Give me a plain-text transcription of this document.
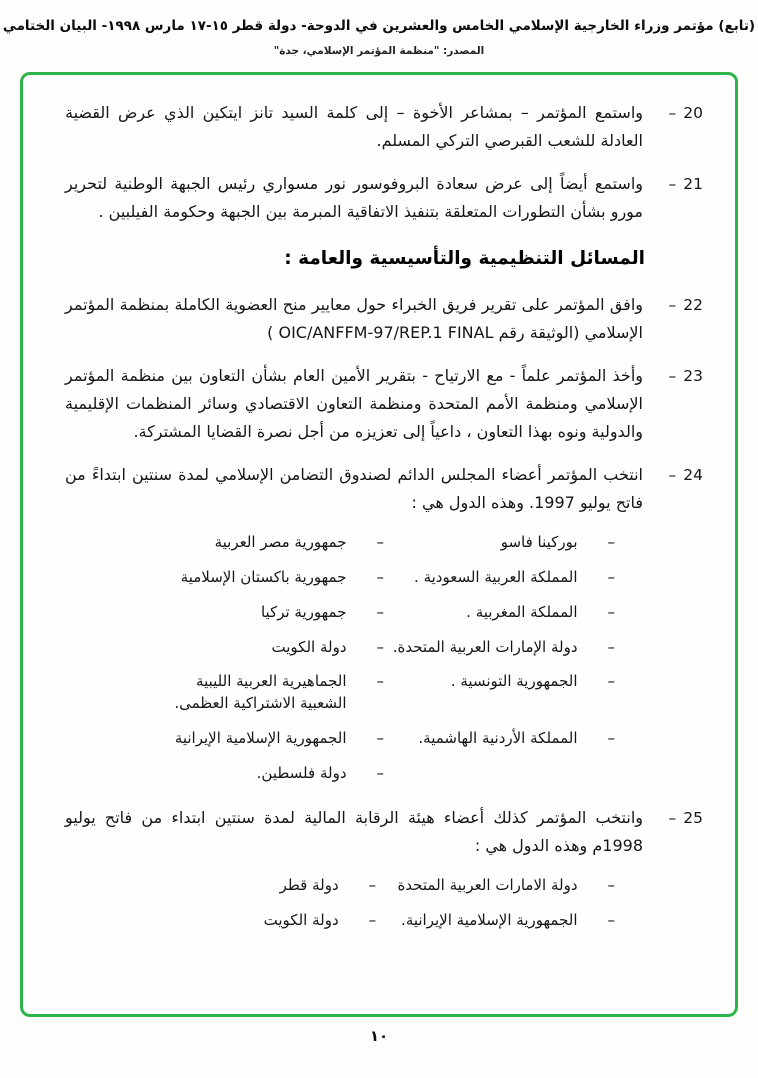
(تابع) مؤتمر وزراء الخارجية الإسلامي الخامس والعشرين في الدوحة- دولة قطر ١٥-١٧ مارس ١٩٩٨- البيان الختامي
المصدر: "منظمة المؤتمر الإسلامي، جدة"
20
–
واستمع المؤتمر – بمشاعر الأخوة – إلى كلمة السيد تانز ايتكين الذي عرض القضية العادلة للشعب القبرصي التركي المسلم.
21
–
واستمع أيضاً إلى عرض سعادة البروفوسور نور مسواري رئيس الجبهة الوطنية لتحرير مورو بشأن التطورات المتعلقة بتنفيذ الاتفاقية المبرمة بين الجبهة وحكومة الفيلبين .
المسائل التنظيمية والتأسيسية والعامة :
22
–
وافق المؤتمر على تقرير فريق الخبراء حول معايير منح العضوية الكاملة بمنظمة المؤتمر الإسلامي (الوثيقة رقم OIC/ANFFM-97/REP.1 FINAL )
23
–
وأخذ المؤتمر علماً - مع الارتياح - بتقرير الأمين العام بشأن التعاون بين منظمة المؤتمر الإسلامي ومنظمة الأمم المتحدة ومنظمة التعاون الاقتصادي وسائر المنظمات الإقليمية والدولية ونوه بهذا التعاون ، داعياً إلى تعزيزه من أجل نصرة القضايا المشتركة.
24
–
انتخب المؤتمر أعضاء المجلس الدائم لصندوق التضامن الإسلامي لمدة سنتين ابتداءً من فاتح يوليو 1997. وهذه الدول هي :
–
بوركينا فاسو
–
جمهورية مصر العربية
–
المملكة العربية السعودية .
–
جمهورية باكستان الإسلامية
–
المملكة المغربية .
–
جمهورية تركيا
–
دولة الإمارات العربية المتحدة.
–
دولة الكويت
–
الجمهورية التونسية .
–
الجماهيرية العربية الليبية الشعبية الاشتراكية العظمى.
–
المملكة الأردنية الهاشمية.
–
الجمهورية الإسلامية الإيرانية
–
دولة فلسطين.
25
–
وانتخب المؤتمر كذلك أعضاء هيئة الرقابة المالية لمدة سنتين ابتداء من فاتح يوليو 1998م وهذه الدول هي :
–
دولة الامارات العربية المتحدة
–
دولة قطر
–
الجمهورية الإسلامية الإيرانية.
–
دولة الكويت
١٠
